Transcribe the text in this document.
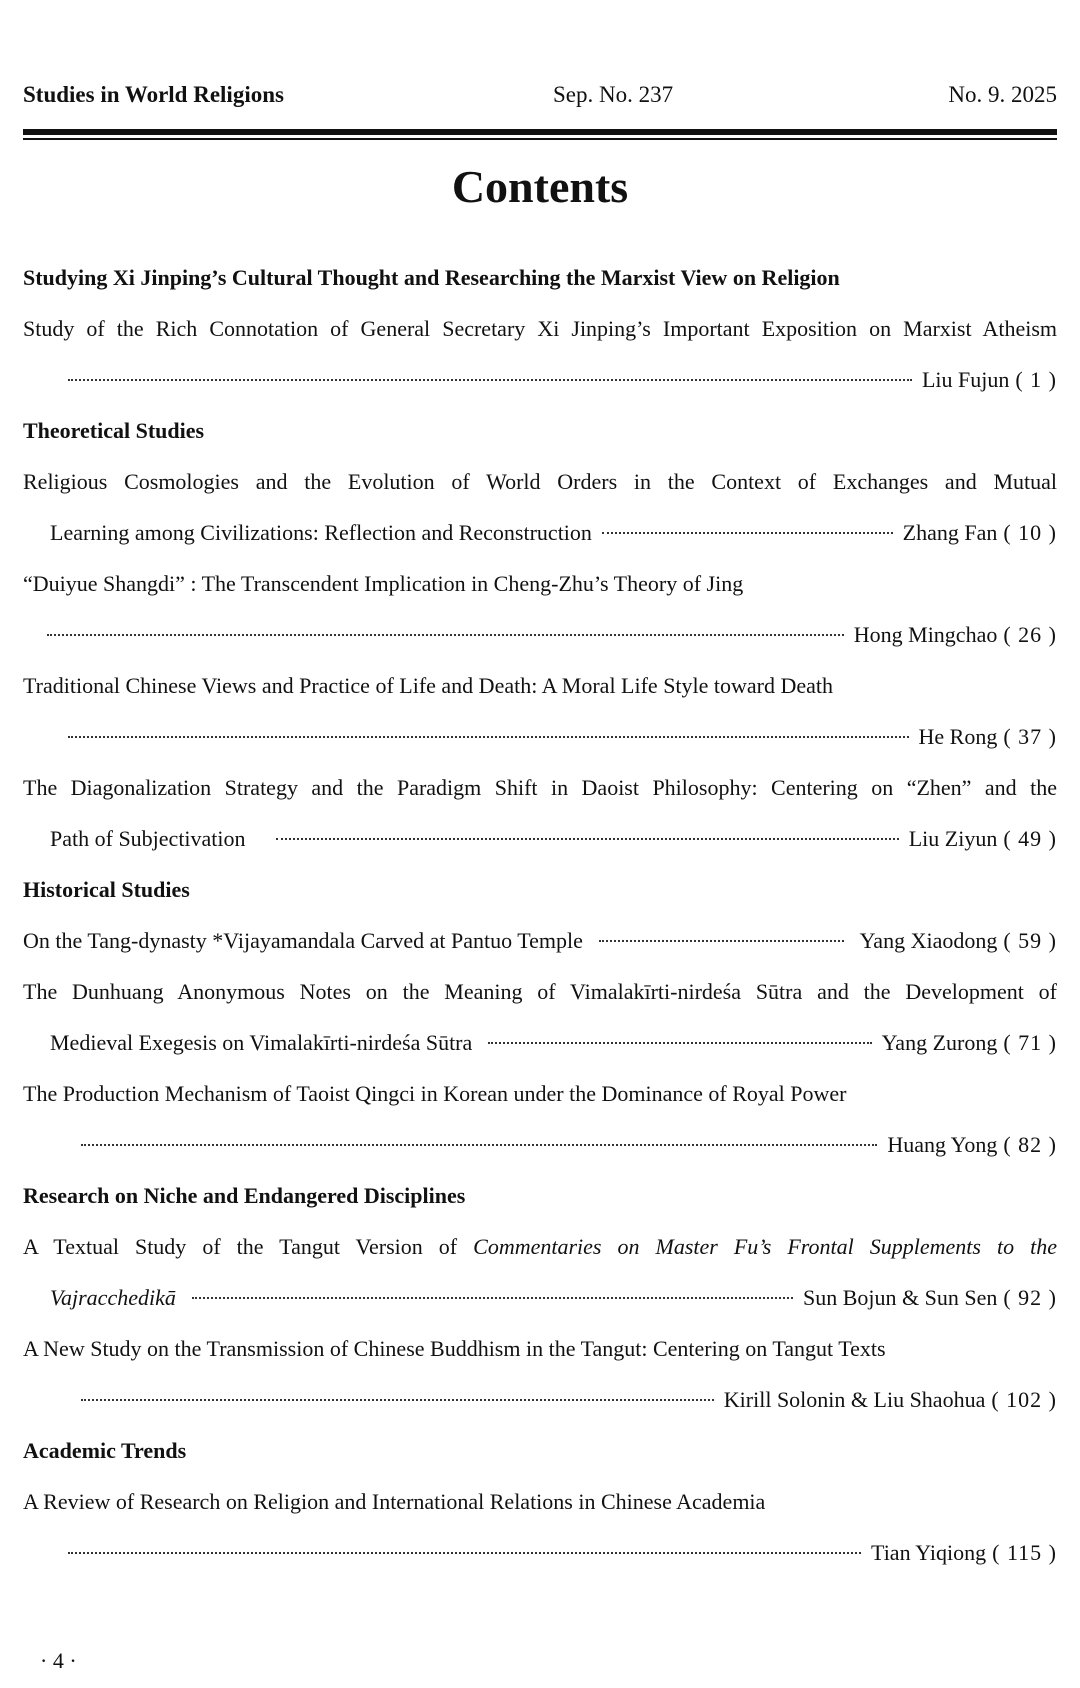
Studies in World Religions	Sep. No. 237	No. 9. 2025
Contents
Studying Xi Jinping’s Cultural Thought and Researching the Marxist View on Religion
Study of the Rich Connotation of General Secretary Xi Jinping’s Important Exposition on Marxist Atheism
Liu Fujun ( 1 )
Theoretical Studies
Religious Cosmologies and the Evolution of World Orders in the Context of Exchanges and Mutual
Learning among Civilizations: Reflection and Reconstruction	Zhang Fan ( 10 )
“Duiyue Shangdi” : The Transcendent Implication in Cheng-Zhu’s Theory of Jing
Hong Mingchao ( 26 )
Traditional Chinese Views and Practice of Life and Death: A Moral Life Style toward Death
He Rong ( 37 )
The Diagonalization Strategy and the Paradigm Shift in Daoist Philosophy: Centering on “Zhen” and the
Path of Subjectivation	Liu Ziyun ( 49 )
Historical Studies
On the Tang-dynasty *Vijayamandala Carved at Pantuo Temple	Yang Xiaodong ( 59 )
The Dunhuang Anonymous Notes on the Meaning of Vimalakīrti-nirdeśa Sūtra and the Development of
Medieval Exegesis on Vimalakīrti-nirdeśa Sūtra	Yang Zurong ( 71 )
The Production Mechanism of Taoist Qingci in Korean under the Dominance of Royal Power
Huang Yong ( 82 )
Research on Niche and Endangered Disciplines
A Textual Study of the Tangut Version of Commentaries on Master Fu’s Frontal Supplements to the
Vajracchedikā	Sun Bojun & Sun Sen ( 92 )
A New Study on the Transmission of Chinese Buddhism in the Tangut: Centering on Tangut Texts
Kirill Solonin & Liu Shaohua ( 102 )
Academic Trends
A Review of Research on Religion and International Relations in Chinese Academia
Tian Yiqiong ( 115 )
· 4 ·
